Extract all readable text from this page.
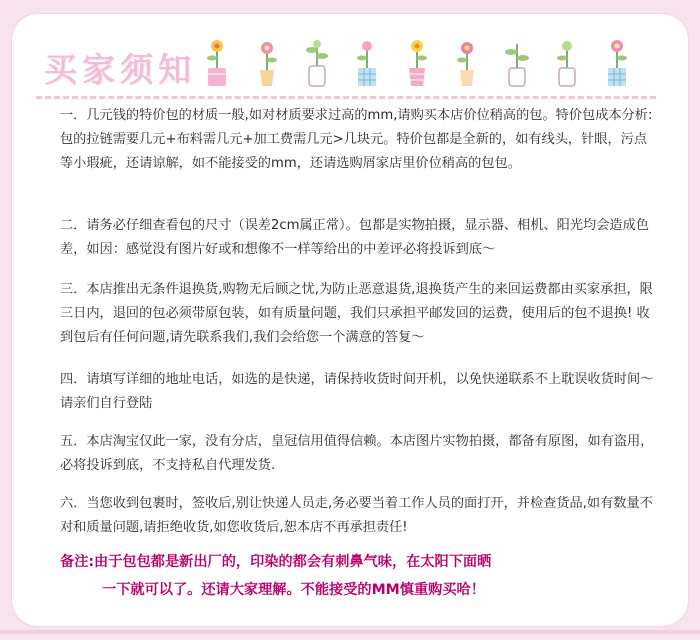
买家须知
一．几元钱的特价包的材质一般,如对材质要求过高的mm,请购买本店价位稍高的包。特价包成本分析:包的拉链需要几元+布料需几元+加工费需几元>几块元。特价包都是全新的，如有线头，针眼，污点等小瑕疵，还请谅解，如不能接受的mm，还请选购屑家店里价位稍高的包包。
二．请务必仔细查看包的尺寸（误差2cm属正常）。包都是实物拍摄，显示器、相机、阳光均会造成色差，如因：感觉没有图片好或和想像不一样等给出的中差评必将投诉到底～
三．本店推出无条件退换货,购物无后顾之忧,为防止恶意退货,退换货产生的来回运费都由买家承担，限三日内，退回的包必须带原包装，如有质量问题，我们只承担平邮发回的运费，使用后的包不退换! 收到包后有任何问题,请先联系我们,我们会给您一个满意的答复～
四．请填写详细的地址电话，如选的是快递，请保持收货时间开机，以免快递联系不上耽误收货时间～请亲们自行登陆
五．本店淘宝仅此一家，没有分店，皇冠信用值得信赖。本店图片实物拍摄，都备有原图，如有盗用，必将投诉到底，不支持私自代理发货.
六．当您收到包裹时，签收后,别让快递人员走,务必要当着工作人员的面打开，并检查货品,如有数量不对和质量问题,请拒绝收货,如您收货后,恕本店不再承担责任!
备注:由于包包都是新出厂的，印染的都会有刺鼻气味，在太阳下面晒
一下就可以了。还请大家理解。不能接受的MM慎重购买哈！
